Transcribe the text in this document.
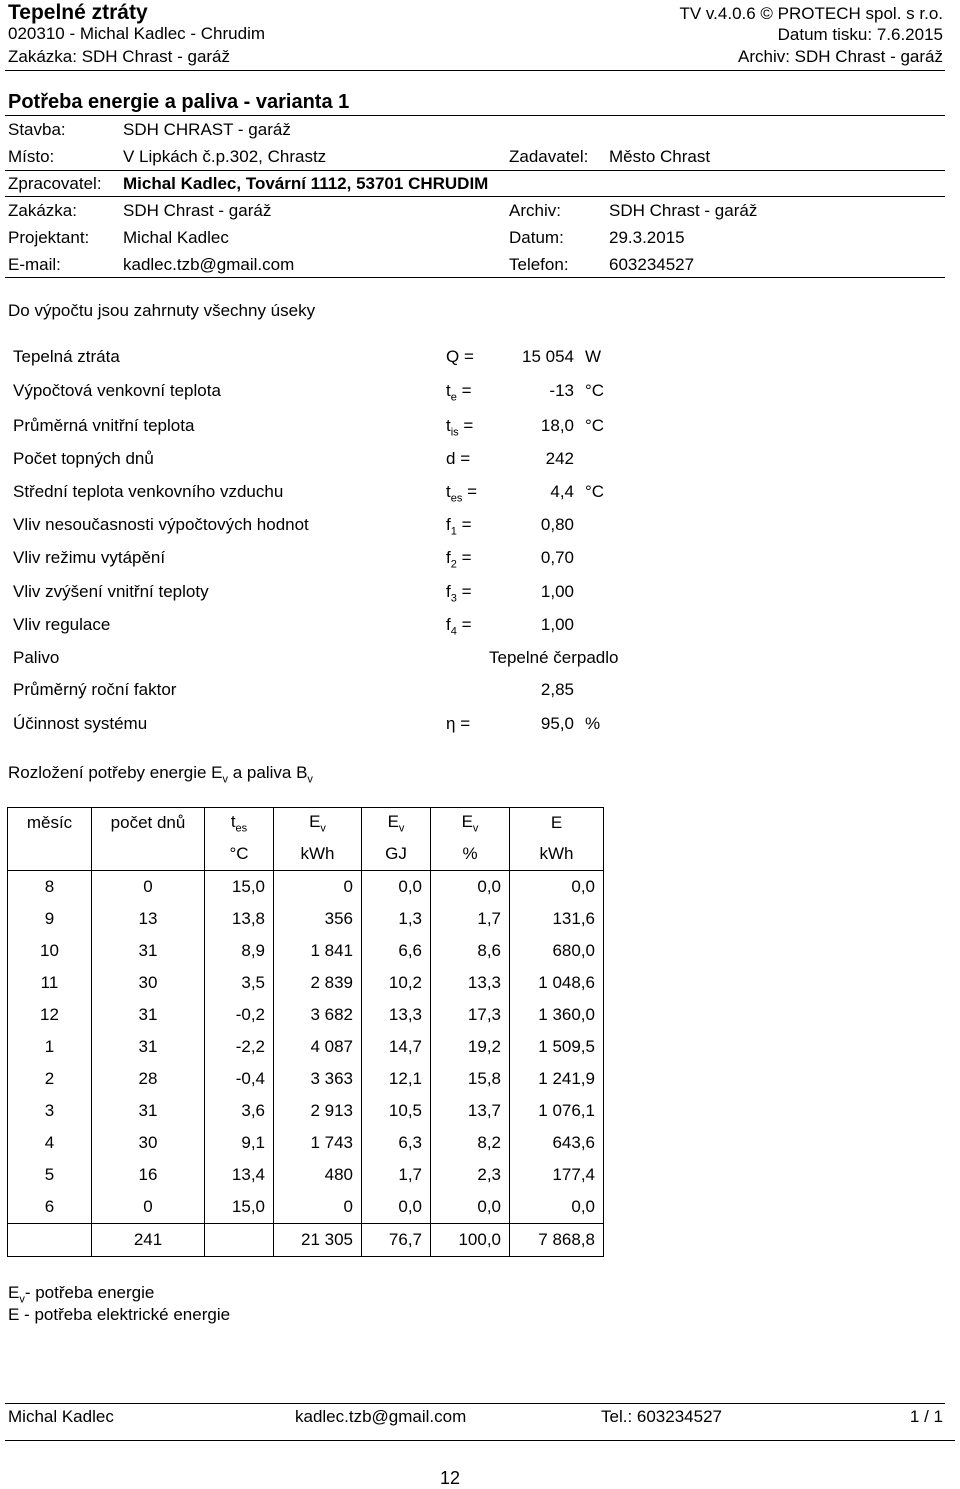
Tepelné ztráty
020310 - Michal Kadlec - Chrudim
Zakázka: SDH Chrast - garáž
TV v.4.0.6 © PROTECH spol. s r.o.
Datum tisku: 7.6.2015
Archiv: SDH Chrast - garáž
Potřeba energie a paliva - varianta 1
Stavba:	SDH CHRAST - garáž
Místo:	V Lipkách č.p.302, Chrastz	Zadavatel: Město Chrast
Zpracovatel: Michal Kadlec, Tovární 1112, 53701 CHRUDIM
Zakázka:	SDH Chrast - garáž	Archiv:	SDH Chrast - garáž
Projektant: Michal Kadlec	Datum:	29.3.2015
E-mail:	kadlec.tzb@gmail.com	Telefon: 603234527
Do výpočtu jsou zahrnuty všechny úseky
Tepelná ztráta	Q =	15 054 W
Výpočtová venkovní teplota	$t_e$ =	-13 °C
Průměrná vnitřní teplota	$t_{is}$ =	18,0 °C
Počet topných dnů	d =	242
Střední teplota venkovního vzduchu	$t_{es}$ =	4,4 °C
Vliv nesoučasnosti výpočtových hodnot	$f_1$ =	0,80
Vliv režimu vytápění	$f_2$ =	0,70
Vliv zvýšení vnitřní teploty	$f_3$ =	1,00
Vliv regulace	$f_4$ =	1,00
Palivo	Tepelné čerpadlo
Průměrný roční faktor	2,85
Účinnost systému	η =	95,0 %
Rozložení potřeby energie $E_v$ a paliva $B_v$
měsíc	počet dnů	$t_{es}$	$E_v$	$E_v$	$E_v$	E
		°C	kWh	GJ	%	kWh
8	0	15,0	0	0,0	0,0	0,0
9	13	13,8	356	1,3	1,7	131,6
10	31	8,9	1 841	6,6	8,6	680,0
11	30	3,5	2 839	10,2	13,3	1 048,6
12	31	-0,2	3 682	13,3	17,3	1 360,0
1	31	-2,2	4 087	14,7	19,2	1 509,5
2	28	-0,4	3 363	12,1	15,8	1 241,9
3	31	3,6	2 913	10,5	13,7	1 076,1
4	30	9,1	1 743	6,3	8,2	643,6
5	16	13,4	480	1,7	2,3	177,4
6	0	15,0	0	0,0	0,0	0,0
	241		21 305	76,7	100,0	7 868,8
$E_v-$ potřeba energie
E - potřeba elektrické energie
Michal Kadlec	kadlec.tzb@gmail.com	Tel.: 603234527	1 / 1
12
